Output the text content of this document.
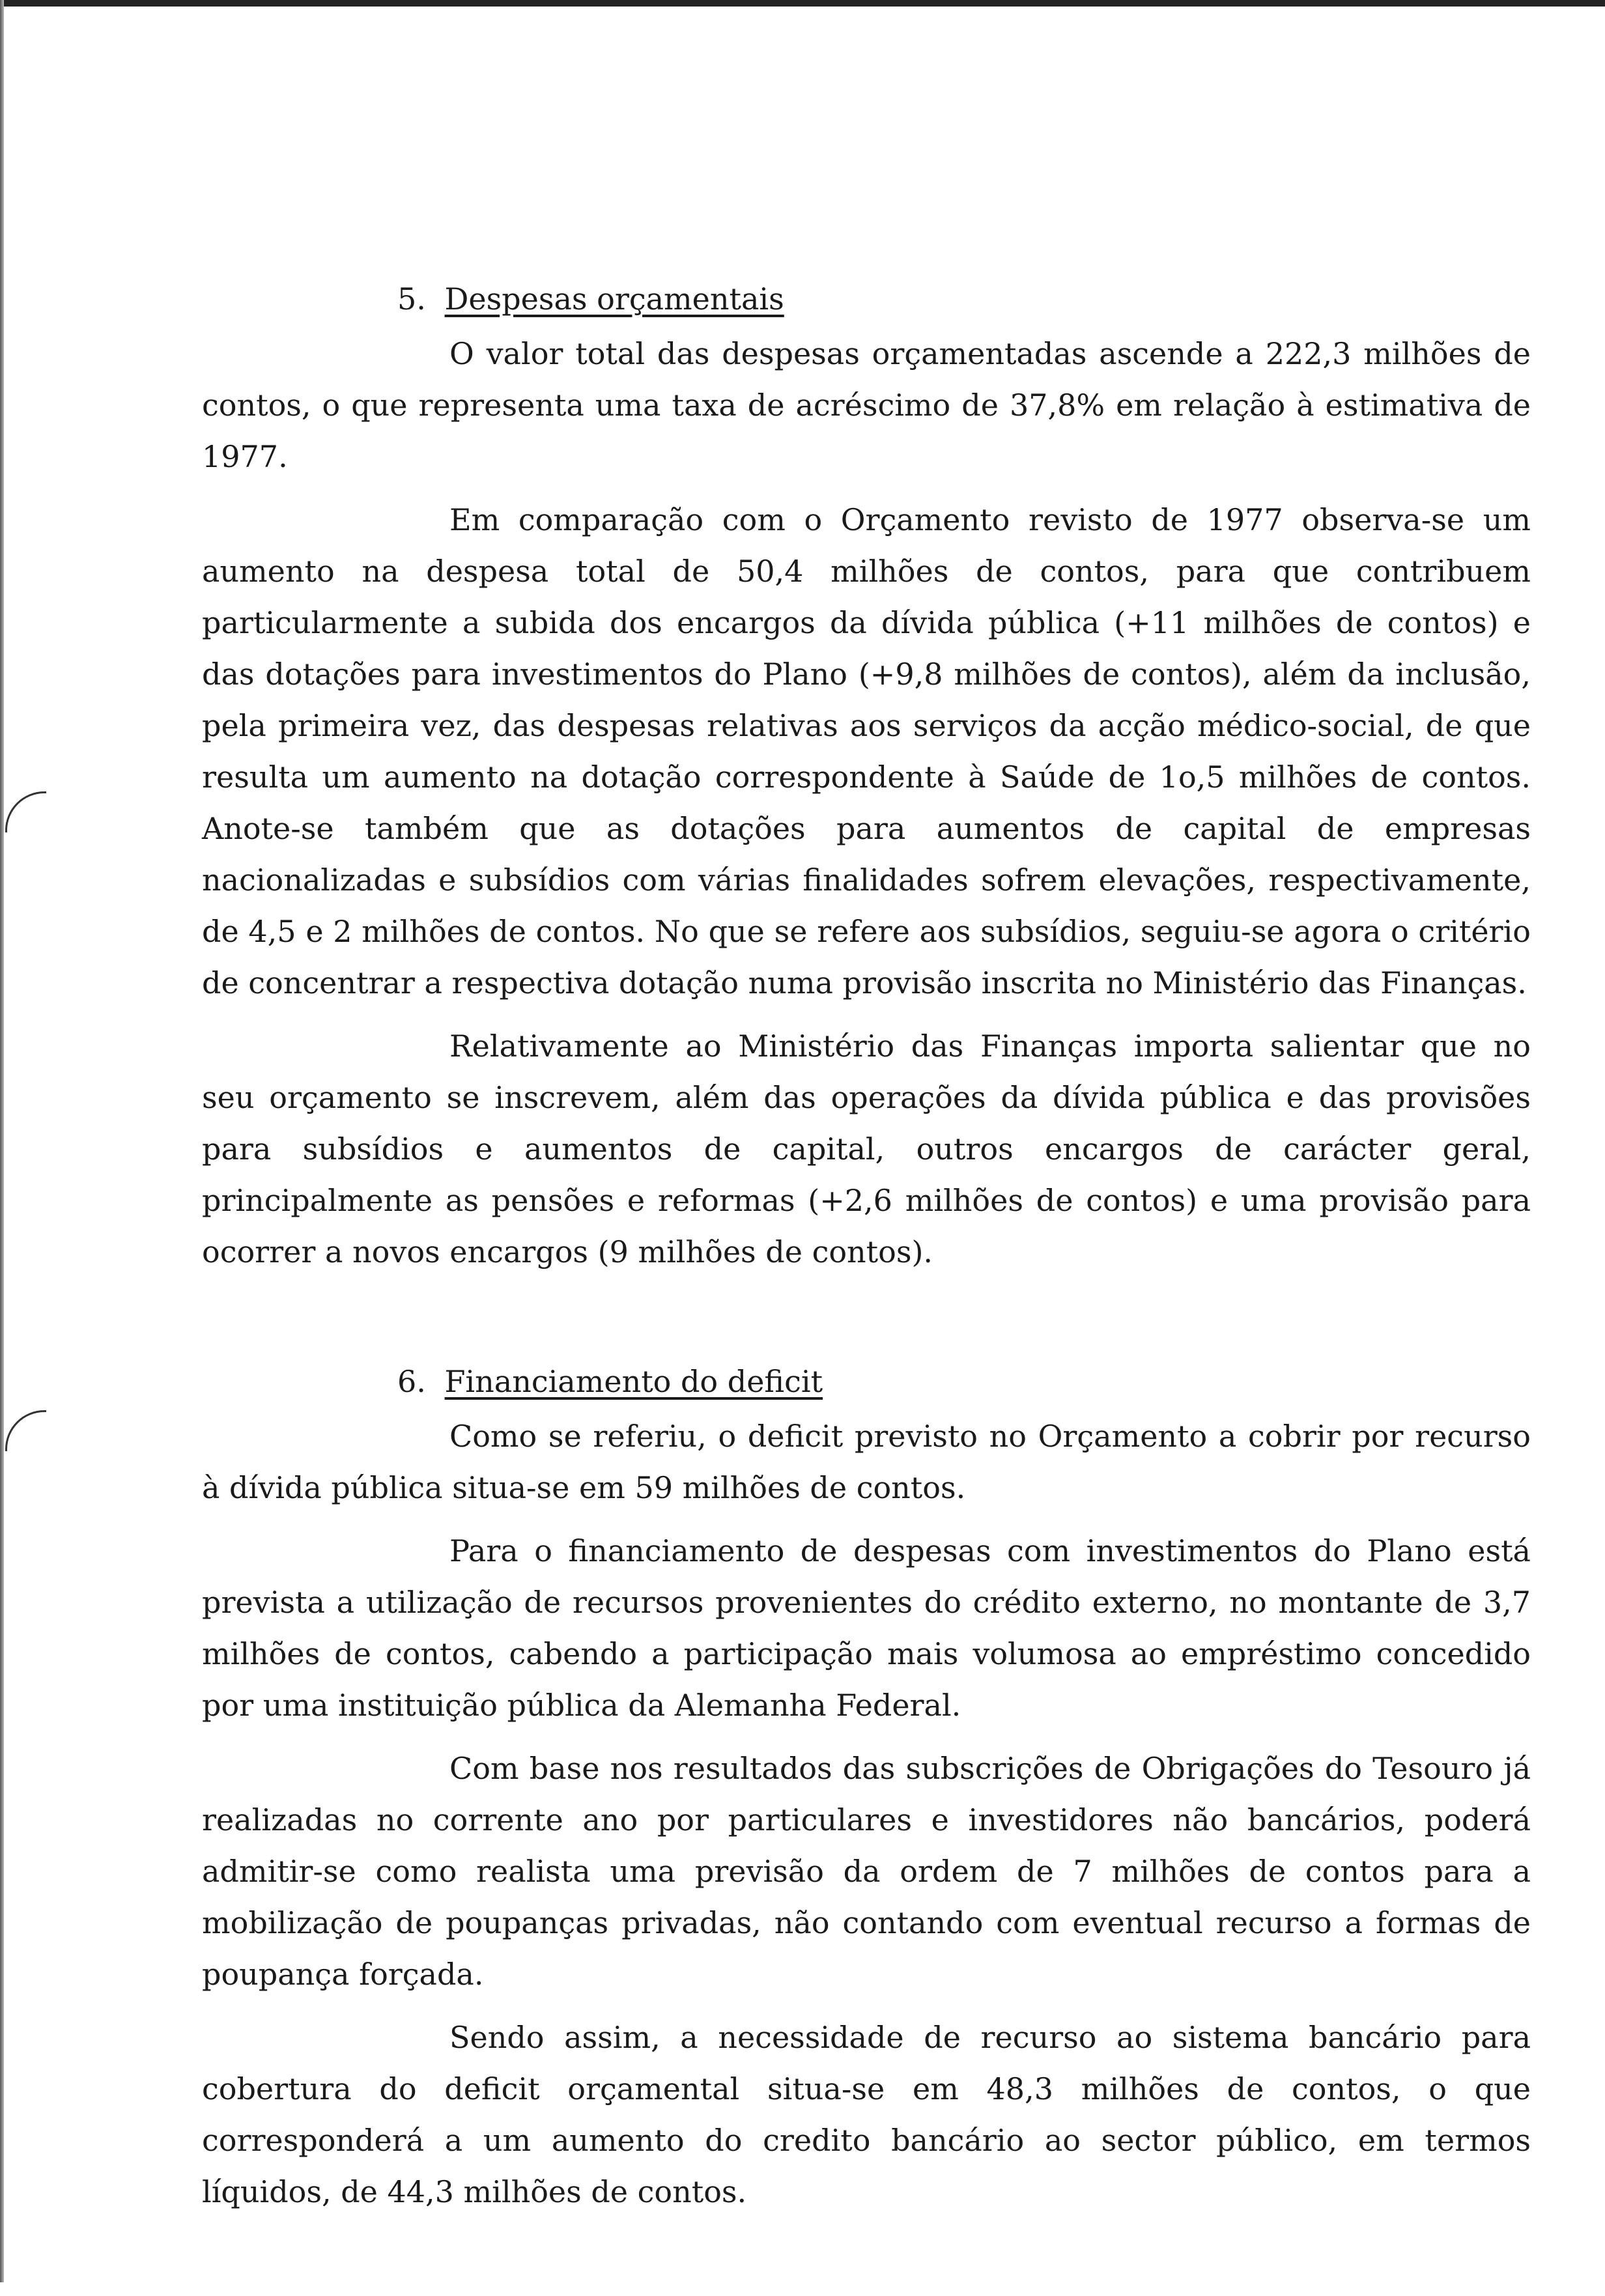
5. Despesas orçamentais

O valor total das despesas orçamentadas ascende a 222,3 milhões de contos, o que representa uma taxa de acréscimo de 37,8% em relação à estimativa de 1977.

Em comparação com o Orçamento revisto de 1977 observa-se um aumento na despesa total de 50,4 milhões de contos, para que contribuem particularmente a subida dos encargos da dívida pública (+11 milhões de contos) e das dotações para investimentos do Plano (+9,8 milhões de contos), além da inclusão, pela primeira vez, das despesas relativas aos serviços da acção médico-social, de que resulta um aumento na dotação correspondente à Saúde de 1o,5 milhões de contos. Anote-se também que as dotações para aumentos de capital de empresas nacionalizadas e subsídios com várias finalidades sofrem elevações, respectivamente, de 4,5 e 2 milhões de contos. No que se refere aos subsídios, seguiu-se agora o critério de concentrar a respectiva dotação numa provisão inscrita no Ministério das Finanças.

Relativamente ao Ministério das Finanças importa salientar que no seu orçamento se inscrevem, além das operações da dívida pública e das provisões para subsídios e aumentos de capital, outros encargos de carácter geral, principalmente as pensões e reformas (+2,6 milhões de contos) e uma provisão para ocorrer a novos encargos (9 milhões de contos).

6. Financiamento do deficit

Como se referiu, o deficit previsto no Orçamento a cobrir por recurso à dívida pública situa-se em 59 milhões de contos.

Para o financiamento de despesas com investimentos do Plano está prevista a utilização de recursos provenientes do crédito externo, no montante de 3,7 milhões de contos, cabendo a participação mais volumosa ao empréstimo concedido por uma instituição pública da Alemanha Federal.

Com base nos resultados das subscrições de Obrigações do Tesouro já realizadas no corrente ano por particulares e investidores não bancários, poderá admitir-se como realista uma previsão da ordem de 7 milhões de contos para a mobilização de poupanças privadas, não contando com eventual recurso a formas de poupança forçada.

Sendo assim, a necessidade de recurso ao sistema bancário para cobertura do deficit orçamental situa-se em 48,3 milhões de contos, o que corresponderá a um aumento do credito bancário ao sector público, em termos líquidos, de 44,3 milhões de contos.
